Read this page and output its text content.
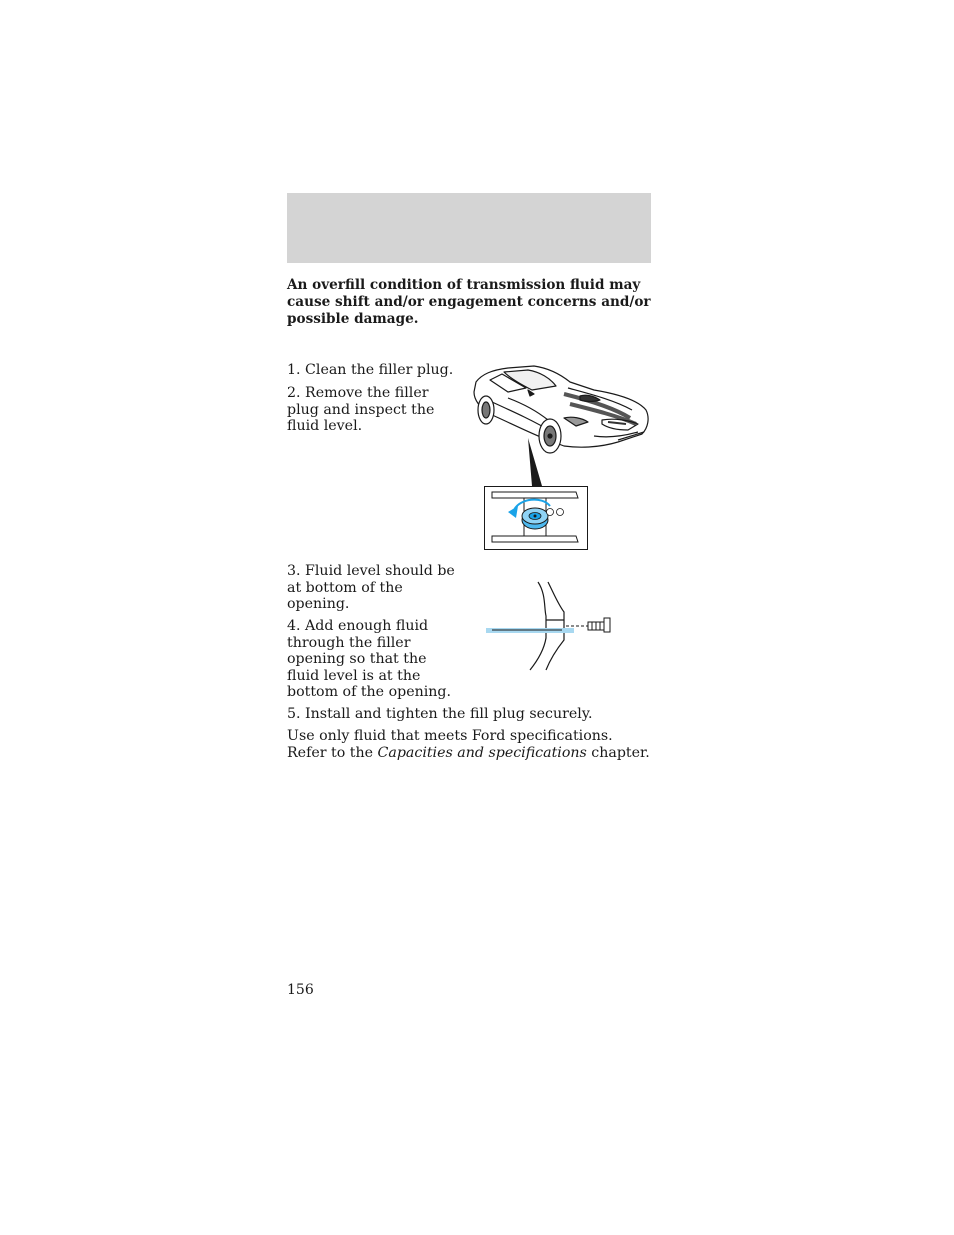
An overfill condition of transmission fluid may cause shift and/or engagement concerns and/or possible damage.
1. Clean the filler plug.
2. Remove the filler plug and inspect the fluid level.
3. Fluid level should be at bottom of the opening.
4. Add enough fluid through the filler opening so that the fluid level is at the bottom of the opening.
5. Install and tighten the fill plug securely.
Use only fluid that meets Ford specifications. Refer to the Capacities and specifications chapter.
156
